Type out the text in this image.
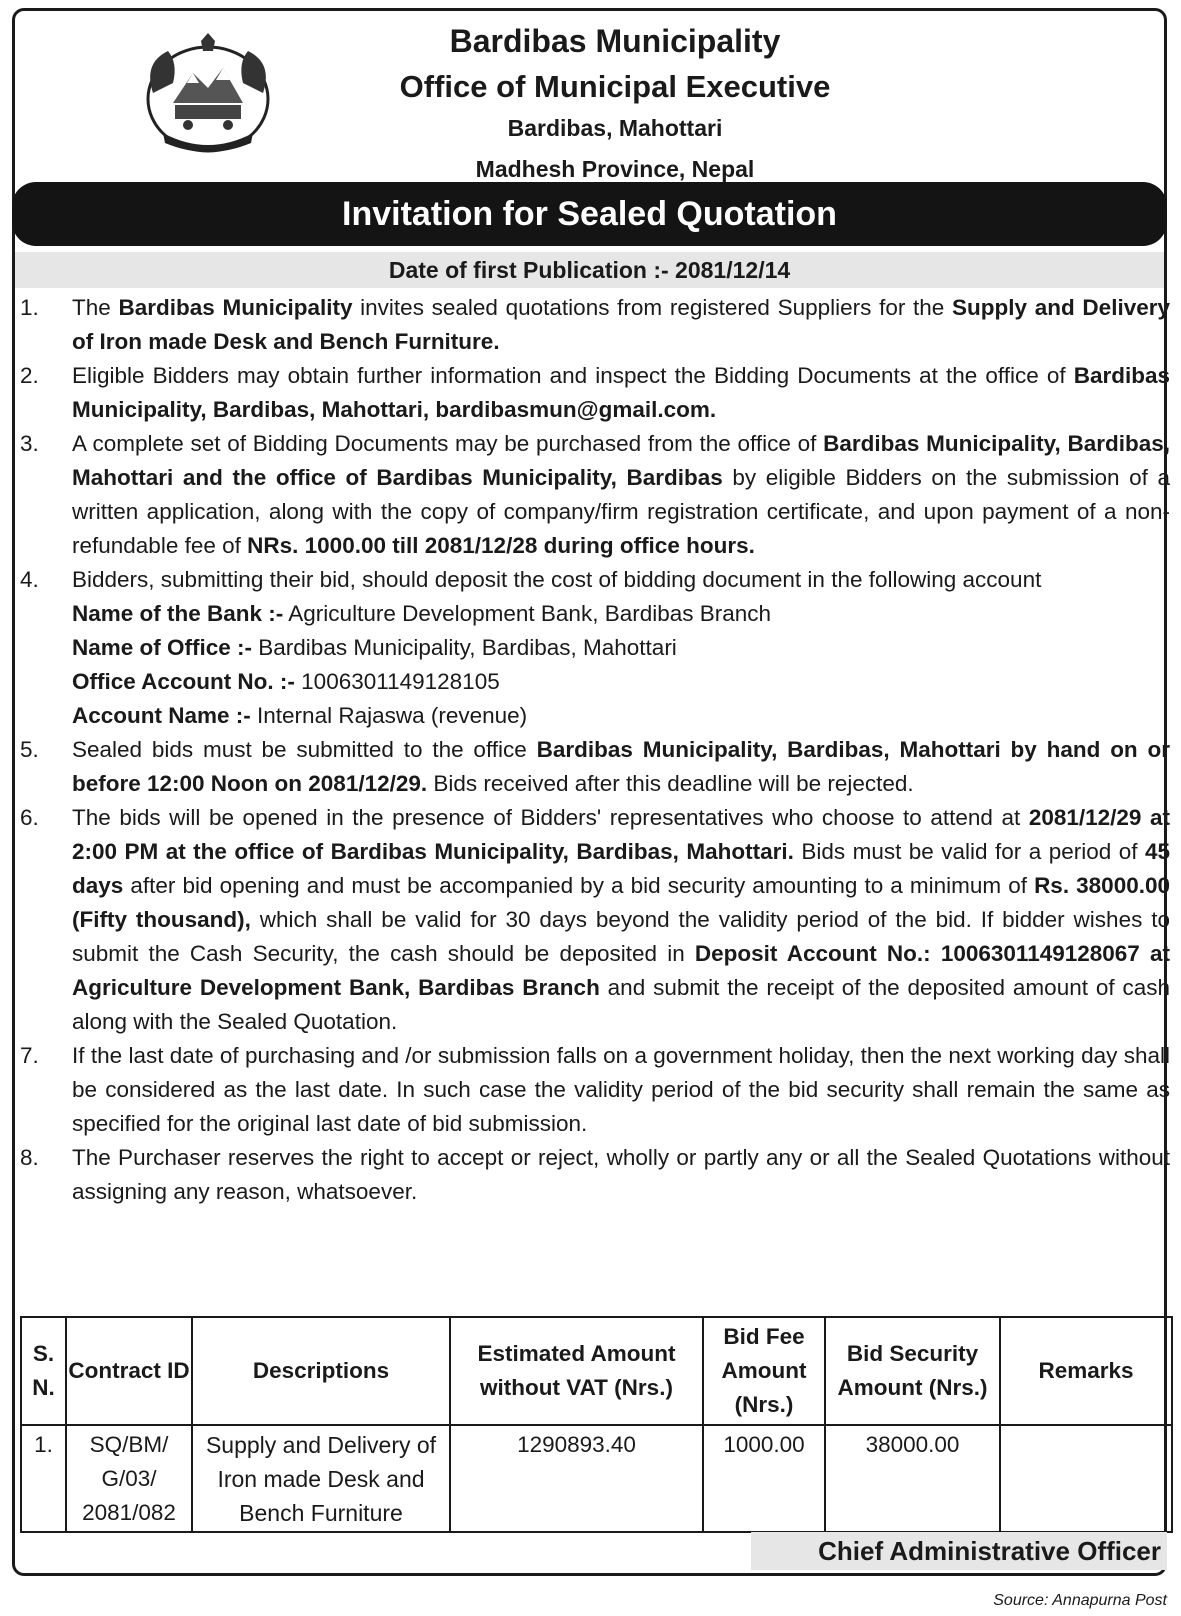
Bardibas Municipality
Office of Municipal Executive
Bardibas, Mahottari
Madhesh Province, Nepal
Invitation for Sealed Quotation
Date of first Publication :- 2081/12/14
1. The Bardibas Municipality invites sealed quotations from registered Suppliers for the Supply and Delivery of Iron made Desk and Bench Furniture.
2. Eligible Bidders may obtain further information and inspect the Bidding Documents at the office of Bardibas Municipality, Bardibas, Mahottari, bardibasmun@gmail.com.
3. A complete set of Bidding Documents may be purchased from the office of Bardibas Municipality, Bardibas, Mahottari and the office of Bardibas Municipality, Bardibas by eligible Bidders on the submission of a written application, along with the copy of company/firm registration certificate, and upon payment of a non-refundable fee of NRs. 1000.00 till 2081/12/28 during office hours.
4. Bidders, submitting their bid, should deposit the cost of bidding document in the following account
Name of the Bank :- Agriculture Development Bank, Bardibas Branch
Name of Office :- Bardibas Municipality, Bardibas, Mahottari
Office Account No. :- 1006301149128105
Account Name :- Internal Rajaswa (revenue)
5. Sealed bids must be submitted to the office Bardibas Municipality, Bardibas, Mahottari by hand on or before 12:00 Noon on 2081/12/29. Bids received after this deadline will be rejected.
6. The bids will be opened in the presence of Bidders' representatives who choose to attend at 2081/12/29 at 2:00 PM at the office of Bardibas Municipality, Bardibas, Mahottari. Bids must be valid for a period of 45 days after bid opening and must be accompanied by a bid security amounting to a minimum of Rs. 38000.00 (Fifty thousand), which shall be valid for 30 days beyond the validity period of the bid. If bidder wishes to submit the Cash Security, the cash should be deposited in Deposit Account No.: 1006301149128067 at Agriculture Development Bank, Bardibas Branch and submit the receipt of the deposited amount of cash along with the Sealed Quotation.
7. If the last date of purchasing and /or submission falls on a government holiday, then the next working day shall be considered as the last date. In such case the validity period of the bid security shall remain the same as specified for the original last date of bid submission.
8. The Purchaser reserves the right to accept or reject, wholly or partly any or all the Sealed Quotations without assigning any reason, whatsoever.
S. N.	Contract ID	Descriptions	Estimated Amount without VAT (Nrs.)	Bid Fee Amount (Nrs.)	Bid Security Amount (Nrs.)	Remarks
1.	SQ/BM/ G/03/ 2081/082	Supply and Delivery of Iron made Desk and Bench Furniture	1290893.40	1000.00	38000.00	
Chief Administrative Officer
Source: Annapurna Post
